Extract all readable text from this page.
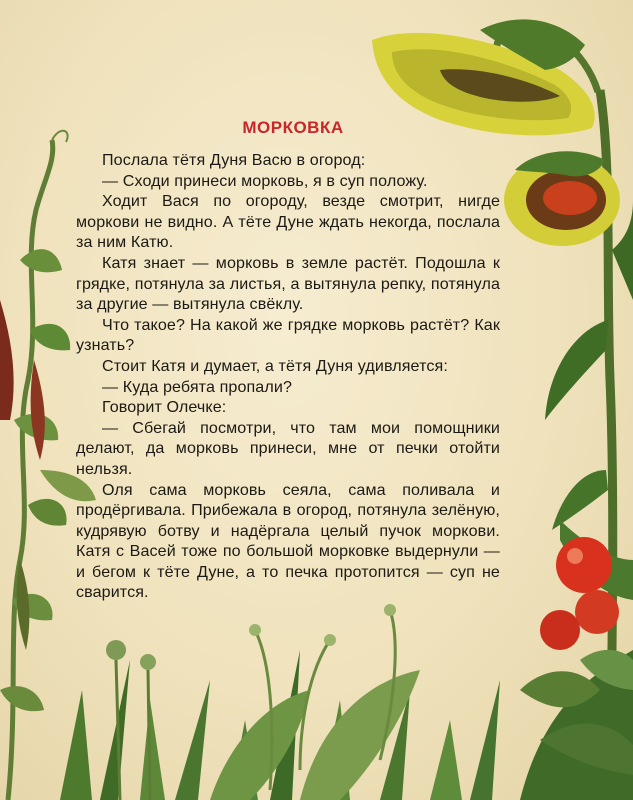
МОРКОВКА

Послала тётя Дуня Васю в огород:

— Сходи принеси морковь, я в суп положу.

Ходит Вася по огороду, везде смотрит, нигде моркови не видно. А тёте Дуне ждать некогда, послала за ним Катю.

Катя знает — морковь в земле растёт. Подошла к грядке, потянула за листья, а вытянула репку, потянула за другие — вытянула свёклу.

Что такое? На какой же грядке морковь растёт? Как узнать?

Стоит Катя и думает, а тётя Дуня удивляется:

— Куда ребята пропали?

Говорит Олечке:

— Сбегай посмотри, что там мои помощники делают, да морковь принеси, мне от печки отойти нельзя.

Оля сама морковь сеяла, сама поливала и продёргивала. Прибежала в огород, потянула зелёную, кудрявую ботву и надёргала целый пучок моркови. Катя с Васей тоже по большой морковке выдернули — и бегом к тёте Дуне, а то печка протопится — суп не сварится.
